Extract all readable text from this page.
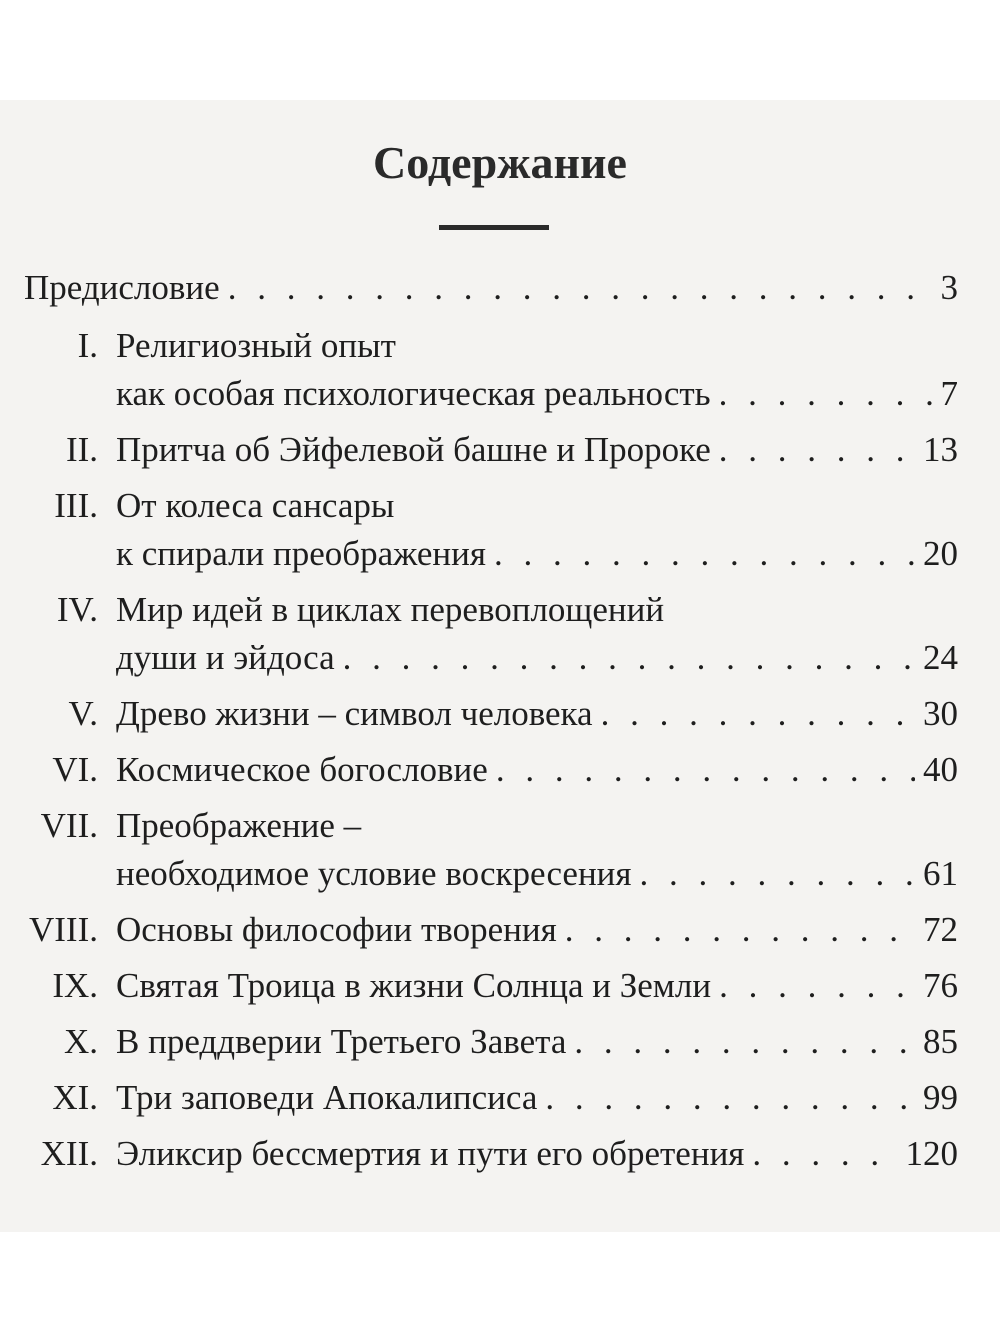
Содержание
Предисловие . . .	3
I. Религиозный опыт
как особая психологическая реальность . . .	7
II. Притча об Эйфелевой башне и Пророке . . .	13
III. От колеса сансары
к спирали преображения . . .	20
IV. Мир идей в циклах перевоплощений
души и эйдоса . . .	24
V. Древо жизни – символ человека . . .	30
VI. Космическое богословие . . .	40
VII. Преображение –
необходимое условие воскресения . . .	61
VIII. Основы философии творения . . .	72
IX. Святая Троица в жизни Солнца и Земли . . .	76
X. В преддверии Третьего Завета . . .	85
XI. Три заповеди Апокалипсиса . . .	99
XII. Эликсир бессмертия и пути его обретения . . .	120
